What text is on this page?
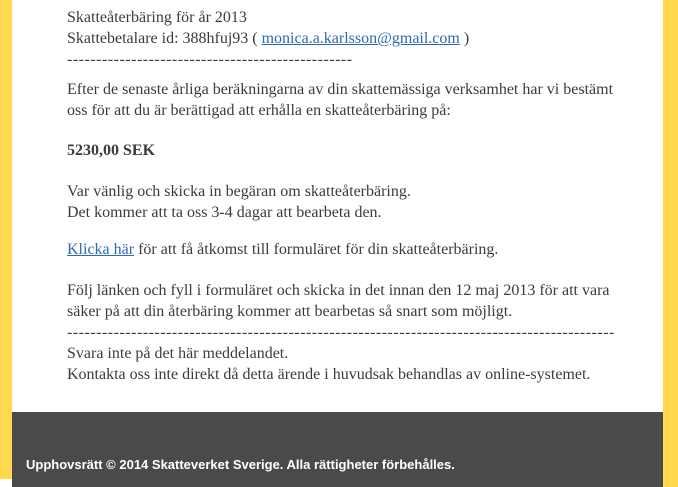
Skatteåterbäring för år 2013
Skattebetalare id: 388hfuj93 ( monica.a.karlsson@gmail.com )
-------------------------------------------------
Efter de senaste årliga beräkningarna av din skattemässiga verksamhet har vi bestämt
oss för att du är berättigad att erhålla en skatteåterbäring på:
5230,00 SEK
Var vänlig och skicka in begäran om skatteåterbäring.
Det kommer att ta oss 3-4 dagar att bearbeta den.
Klicka här för att få åtkomst till formuläret för din skatteåterbäring.
Följ länken och fyll i formuläret och skicka in det innan den 12 maj 2013 för att vara
säker på att din återbäring kommer att bearbetas så snart som möjligt.
----------------------------------------------------------------------------------------------
Svara inte på det här meddelandet.
Kontakta oss inte direkt då detta ärende i huvudsak behandlas av online-systemet.
Upphovsrätt © 2014 Skatteverket Sverige. Alla rättigheter förbehålles.
